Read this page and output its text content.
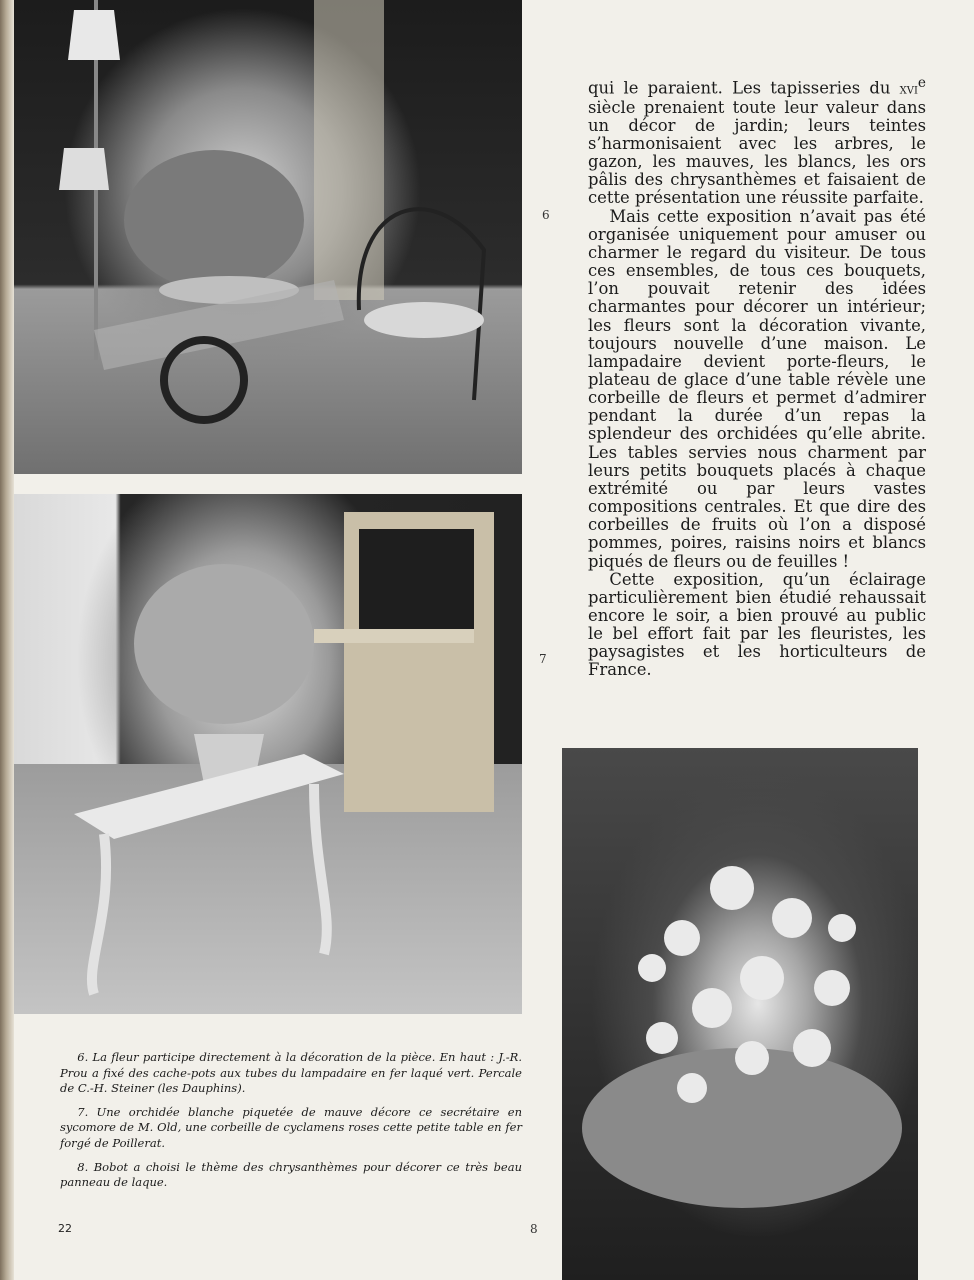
qui le paraient. Les tapisseries du xvi$^e$ siècle prenaient toute leur valeur dans un décor de jardin; leurs teintes s’harmonisaient avec les arbres, le gazon, les mauves, les blancs, les ors pâlis des chrysanthèmes et faisaient de cette présentation une réussite parfaite.

Mais cette exposition n’avait pas été organisée uniquement pour amuser ou charmer le regard du visiteur. De tous ces ensembles, de tous ces bouquets, l’on pouvait retenir des idées charmantes pour décorer un intérieur; les fleurs sont la décoration vivante, toujours nouvelle d’une maison. Le lampadaire devient porte-fleurs, le plateau de glace d’une table révèle une corbeille de fleurs et permet d’admirer pendant la durée d’un repas la splendeur des orchidées qu’elle abrite. Les tables servies nous charment par leurs petits bouquets placés à chaque extrémité ou par leurs vastes compositions centrales. Et que dire des corbeilles de fruits où l’on a disposé pommes, poires, raisins noirs et blancs piqués de fleurs ou de feuilles !

Cette exposition, qu’un éclairage particulièrement bien étudié rehaussait encore le soir, a bien prouvé au public le bel effort fait par les fleuristes, les paysagistes et les horticulteurs de France.

6
7
8

6. La fleur participe directement à la décoration de la pièce. En haut : J.-R. Prou a fixé des cache-pots aux tubes du lampadaire en fer laqué vert. Percale de C.-H. Steiner (les Dauphins).

7. Une orchidée blanche piquetée de mauve décore ce secrétaire en sycomore de M. Old, une corbeille de cyclamens roses cette petite table en fer forgé de Poillerat.

8. Bobot a choisi le thème des chrysanthèmes pour décorer ce très beau panneau de laque.

22
